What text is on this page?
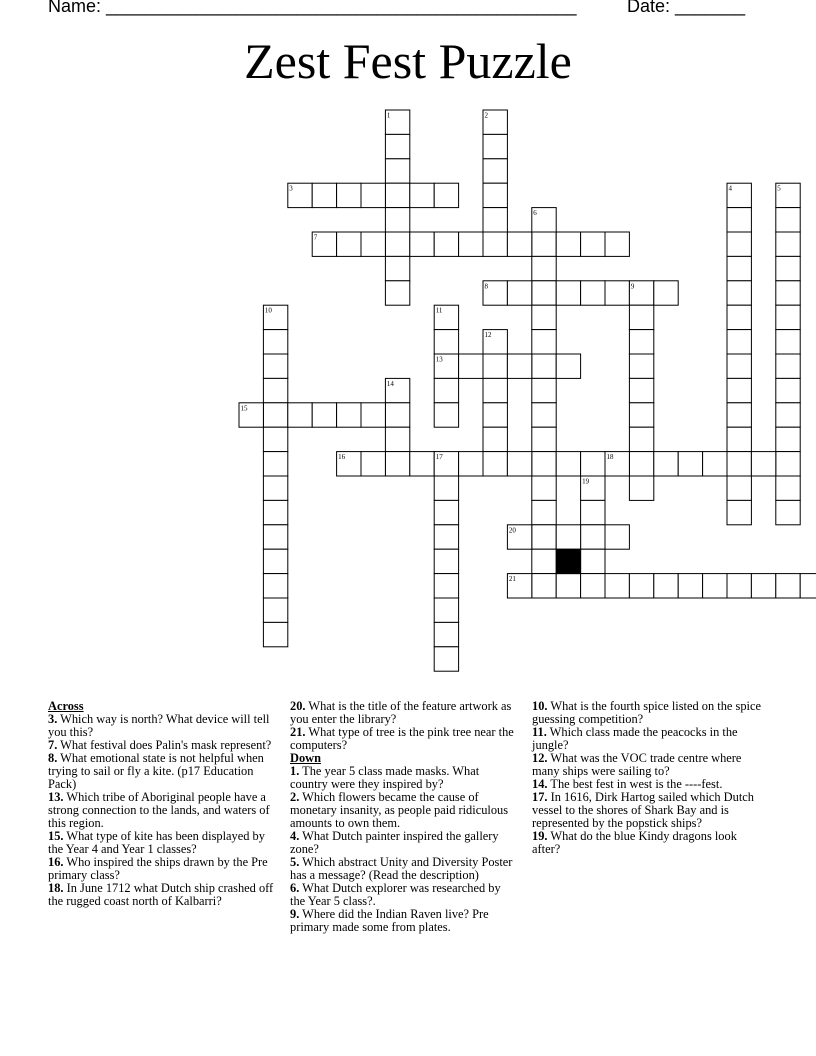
Name: _______________________________________________	Date: _______
Zest Fest Puzzle
1	2
3	4	5
6
7
8	9
10	11
12
13
14
15
16	17	18
19
20
21
Across

3. Which way is north? What device will tell you this?

7. What festival does Palin's mask represent?

8. What emotional state is not helpful when trying to sail or fly a kite. (p17 Education Pack)

13. Which tribe of Aboriginal people have a strong connection to the lands, and waters of this region.

15. What type of kite has been displayed by the Year 4 and Year 1 classes?

16. Who inspired the ships drawn by the Pre primary class?

18. In June 1712 what Dutch ship crashed off the rugged coast north of Kalbarri?

20. What is the title of the feature artwork as you enter the library?

21. What type of tree is the pink tree near the computers?

Down

1. The year 5 class made masks. What country were they inspired by?

2. Which flowers became the cause of monetary insanity, as people paid ridiculous amounts to own them.

4. What Dutch painter inspired the gallery zone?

5. Which abstract Unity and Diversity Poster has a message? (Read the description)

6. What Dutch explorer was researched by the Year 5 class?.

9. Where did the Indian Raven live? Pre primary made some from plates.

10. What is the fourth spice listed on the spice guessing competition?

11. Which class made the peacocks in the jungle?

12. What was the VOC trade centre where many ships were sailing to?

14. The best fest in west is the ----fest.

17. In 1616, Dirk Hartog sailed which Dutch vessel to the shores of Shark Bay and is represented by the popstick ships?

19. What do the blue Kindy dragons look after?
